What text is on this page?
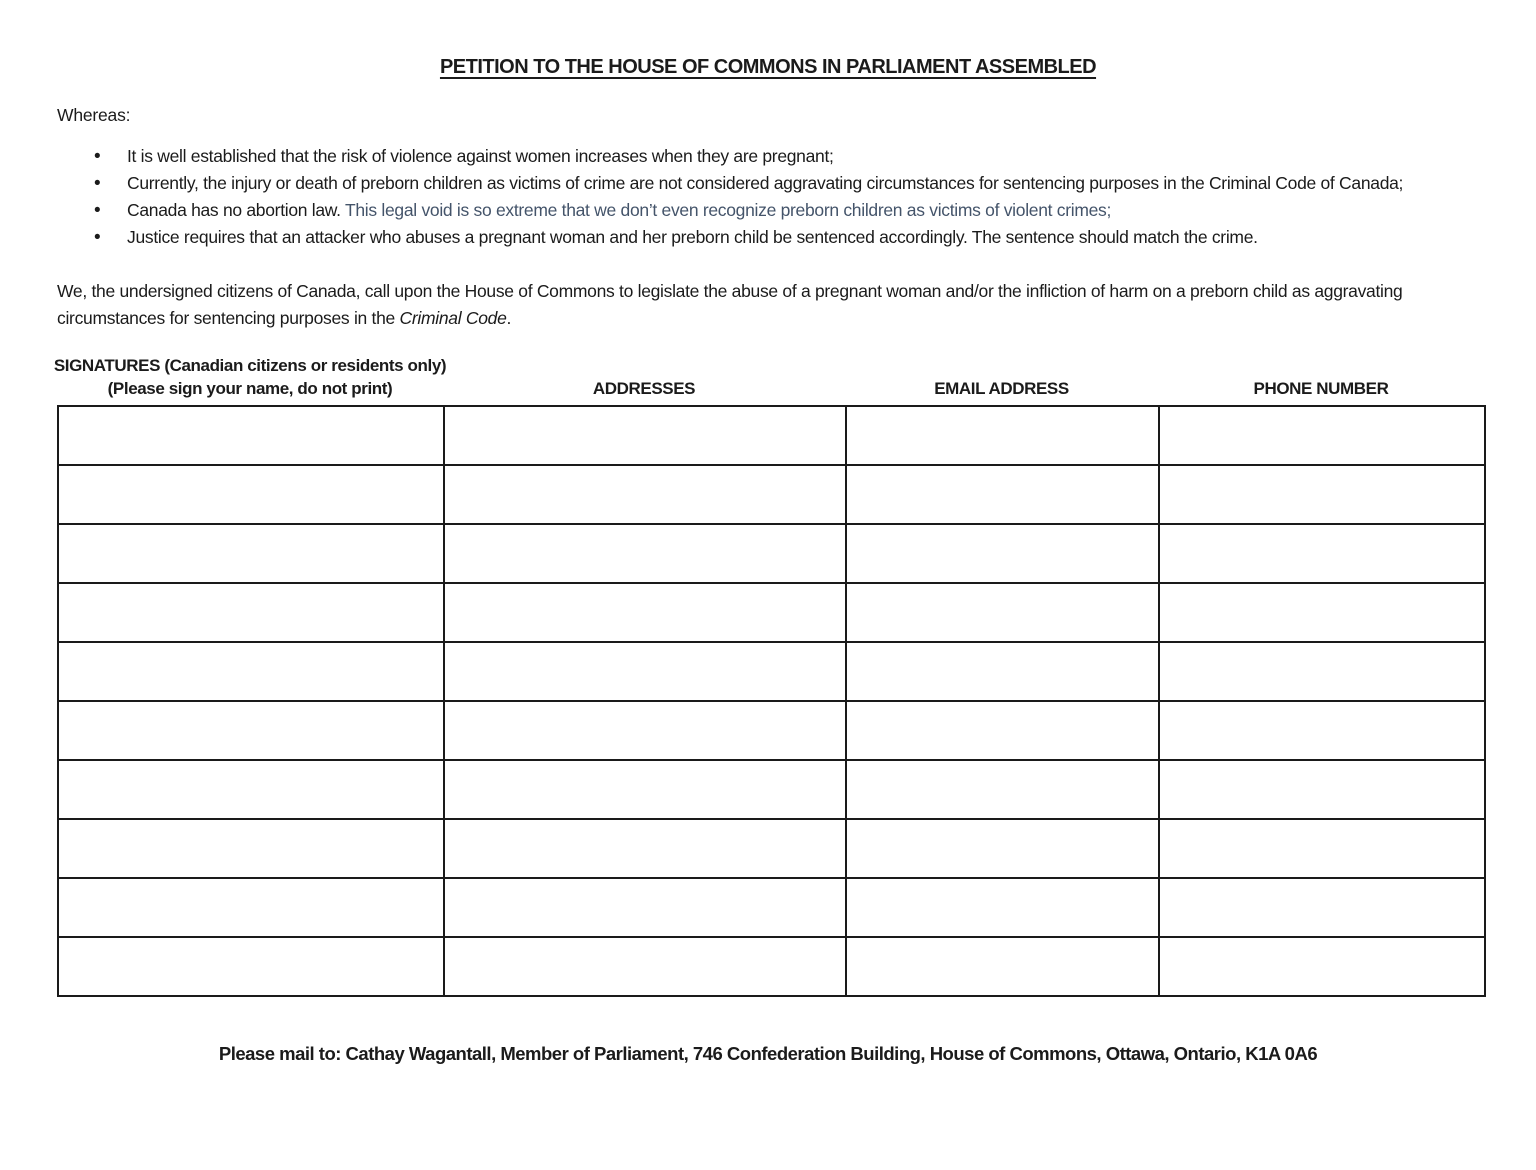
PETITION TO THE HOUSE OF COMMONS IN PARLIAMENT ASSEMBLED
Whereas:
• It is well established that the risk of violence against women increases when they are pregnant;
• Currently, the injury or death of preborn children as victims of crime are not considered aggravating circumstances for sentencing purposes in the Criminal Code of Canada;
• Canada has no abortion law. This legal void is so extreme that we don’t even recognize preborn children as victims of violent crimes;
• Justice requires that an attacker who abuses a pregnant woman and her preborn child be sentenced accordingly. The sentence should match the crime.

We, the undersigned citizens of Canada, call upon the House of Commons to legislate the abuse of a pregnant woman and/or the infliction of harm on a preborn child as aggravating circumstances for sentencing purposes in the Criminal Code.

SIGNATURES (Canadian citizens or residents only)
(Please sign your name, do not print)	ADDRESSES	EMAIL ADDRESS	PHONE NUMBER

Please mail to: Cathay Wagantall, Member of Parliament, 746 Confederation Building, House of Commons, Ottawa, Ontario, K1A 0A6
